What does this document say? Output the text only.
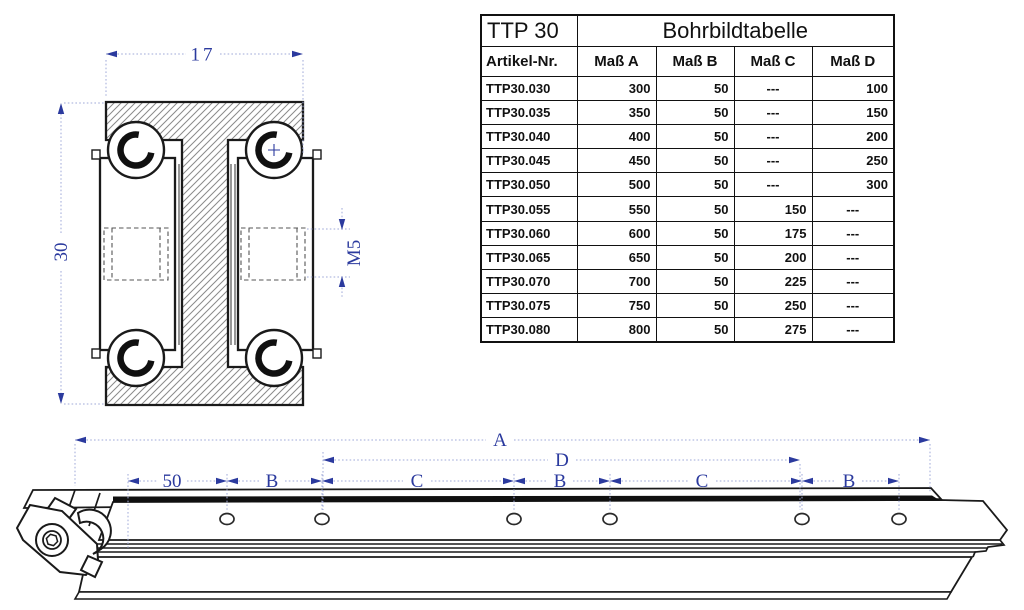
17
30	M5
A
D
50	B	C	B	C	B
TTP 30	Bohrbildtabelle			
Artikel-Nr.	Maß A	Maß B	Maß C	Maß D
TTP30.030	300	50	---	100
TTP30.035	350	50	---	150
TTP30.040	400	50	---	200
TTP30.045	450	50	---	250
TTP30.050	500	50	---	300
TTP30.055	550	50	150	---
TTP30.060	600	50	175	---
TTP30.065	650	50	200	---
TTP30.070	700	50	225	---
TTP30.075	750	50	250	---
TTP30.080	800	50	275	---
